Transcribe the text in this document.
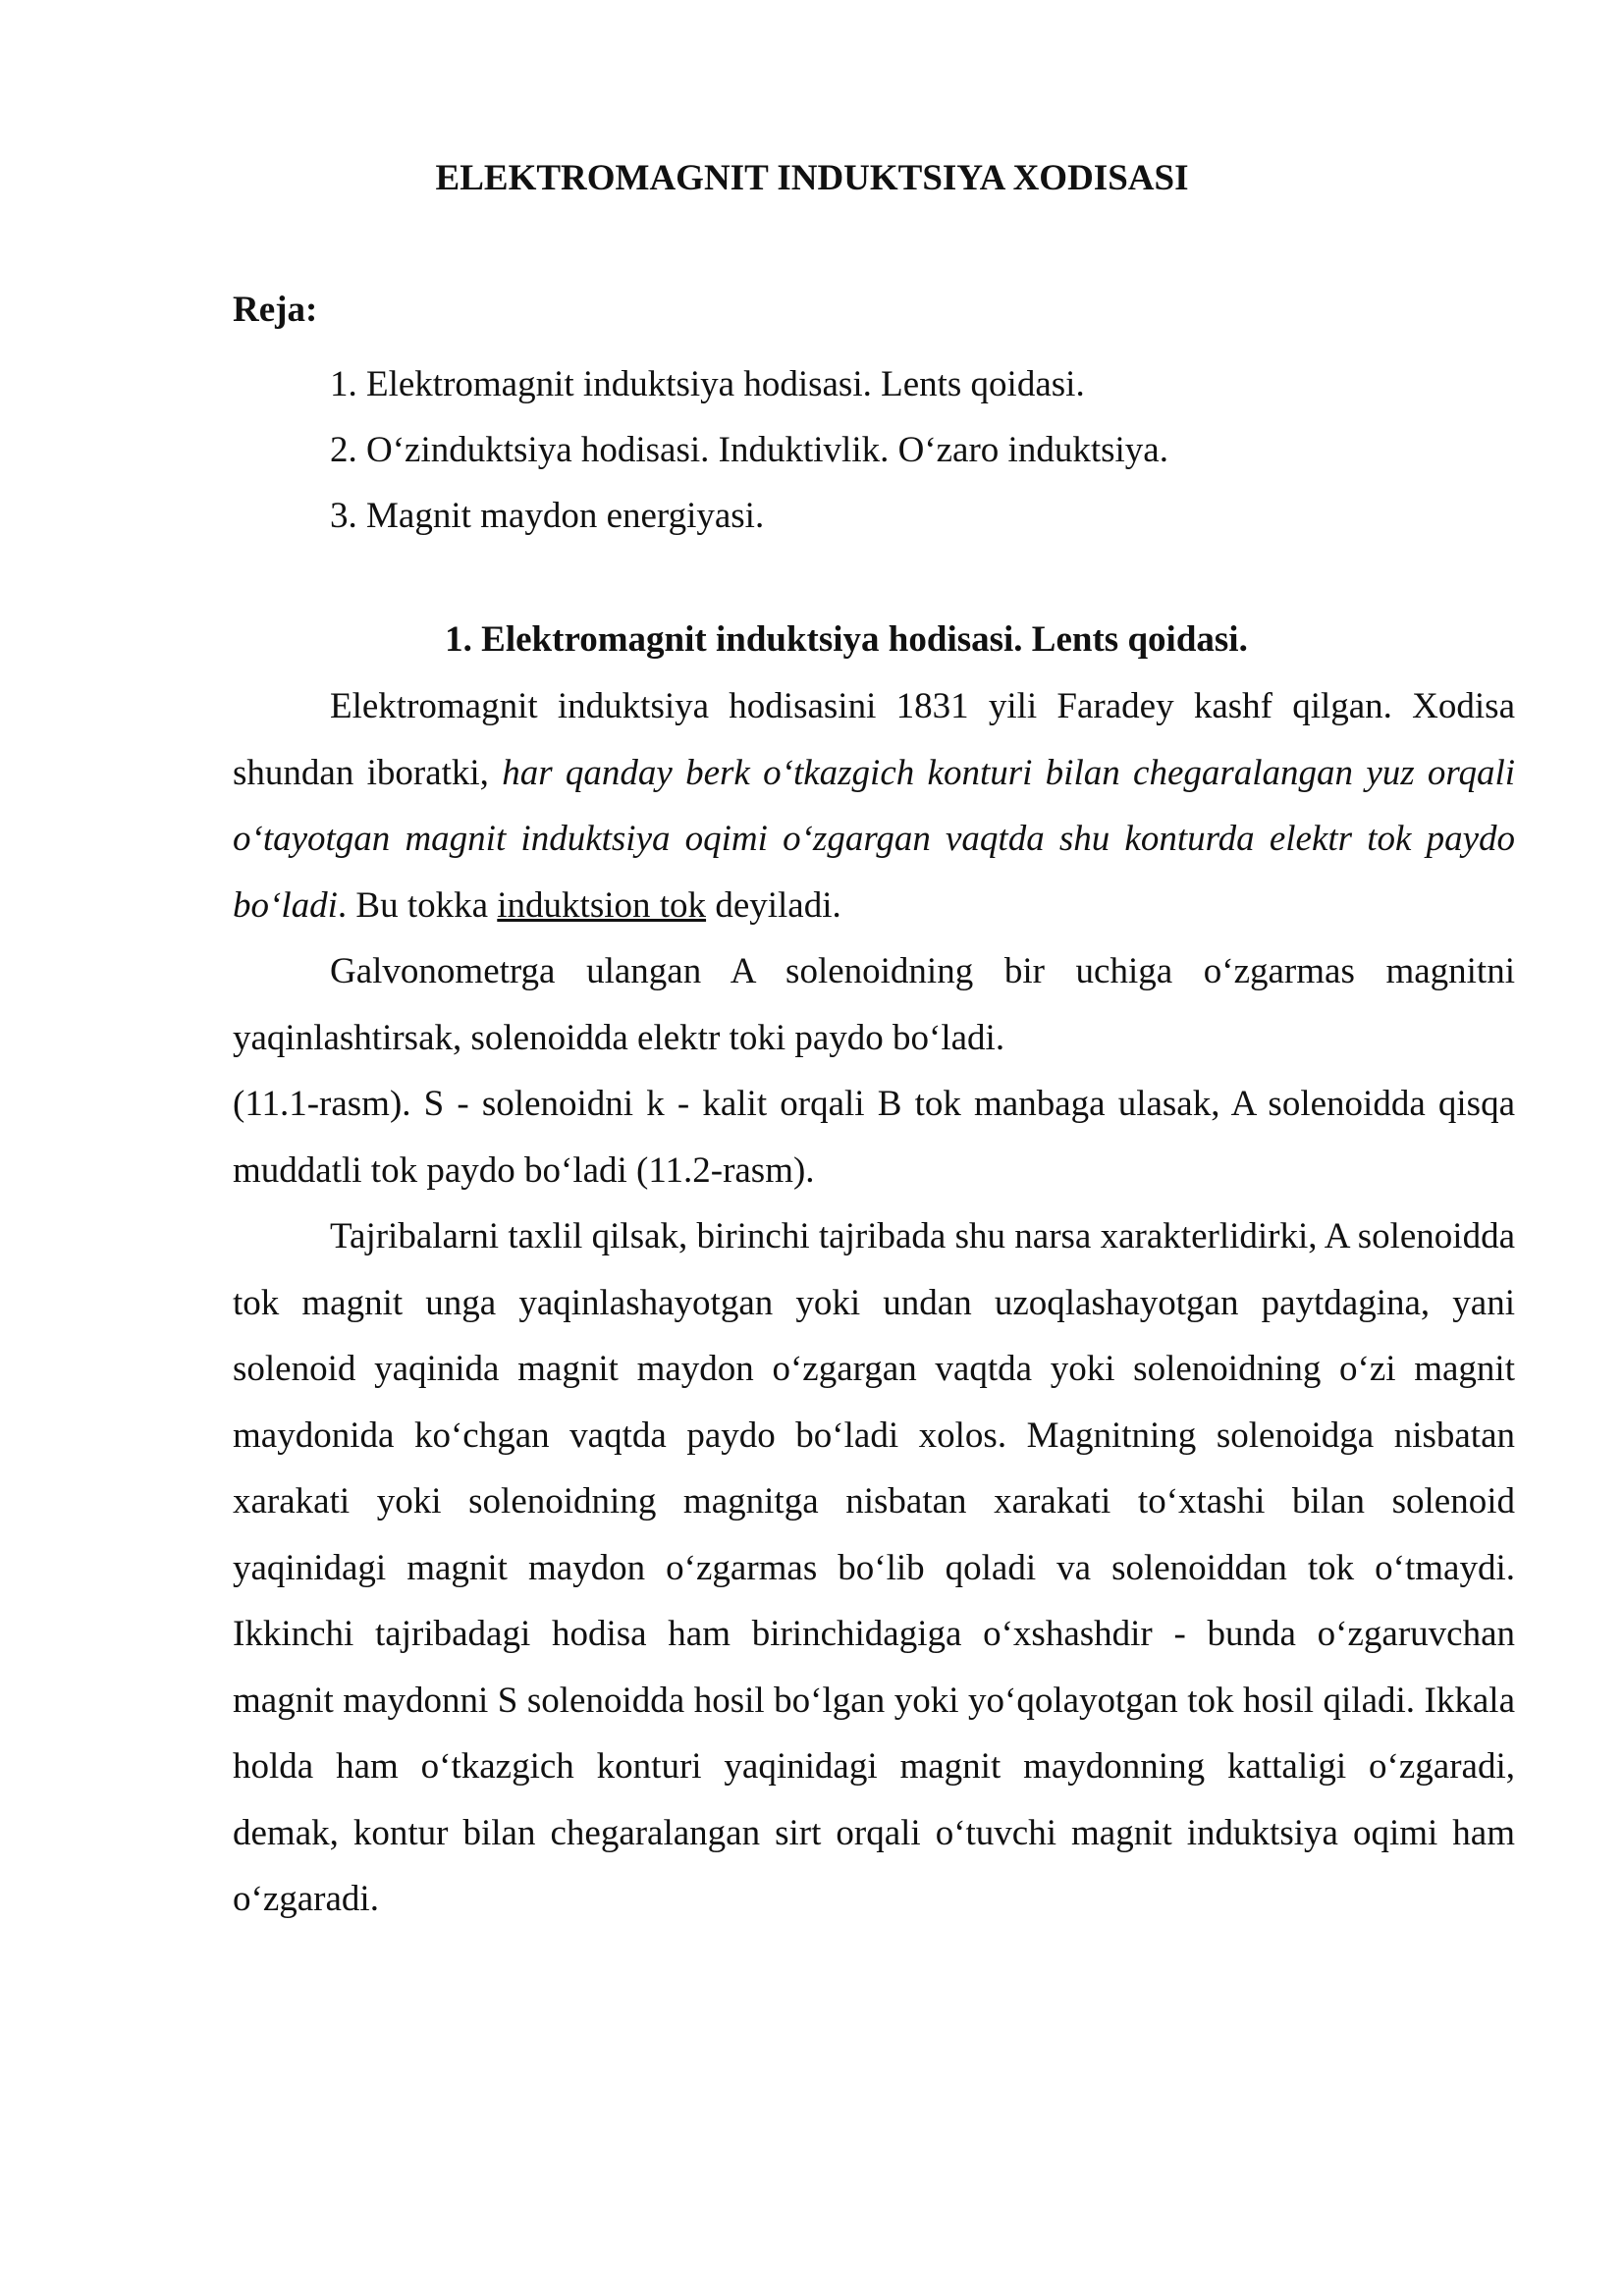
ELEKTROMAGNIT INDUKTSIYA XODISASI
Reja:
1. Elektromagnit induktsiya hodisasi. Lents qoidasi.
2. O‘zinduktsiya hodisasi. Induktivlik. O‘zaro induktsiya.
3. Magnit maydon energiyasi.
1. Elektromagnit induktsiya hodisasi. Lents qoidasi.

Elektromagnit induktsiya hodisasini 1831 yili Faradey kashf qilgan. Xodisa shundan iboratki, har qanday berk o‘tkazgich konturi bilan chegaralangan yuz orqali o‘tayotgan magnit induktsiya oqimi o‘zgargan vaqtda shu konturda elektr tok paydo bo‘ladi. Bu tokka induktsion tok deyiladi.

Galvonometrga ulangan A solenoidning bir uchiga o‘zgarmas magnitni yaqinlashtirsak, solenoidda elektr toki paydo bo‘ladi.

(11.1-rasm). S - solenoidni k - kalit orqali B tok manbaga ulasak, A solenoidda qisqa muddatli tok paydo bo‘ladi (11.2-rasm).

Tajribalarni taxlil qilsak, birinchi tajribada shu narsa xarakterlidirki, A solenoidda tok magnit unga yaqinlashayotgan yoki undan uzoqlashayotgan paytdagina, yani solenoid yaqinida magnit maydon o‘zgargan vaqtda yoki solenoidning o‘zi magnit maydonida ko‘chgan vaqtda paydo bo‘ladi xolos. Magnitning solenoidga nisbatan xarakati yoki solenoidning magnitga nisbatan xarakati to‘xtashi bilan solenoid yaqinidagi magnit maydon o‘zgarmas bo‘lib qoladi va solenoiddan tok o‘tmaydi. Ikkinchi tajribadagi hodisa ham birinchidagiga o‘xshashdir - bunda o‘zgaruvchan magnit maydonni S solenoidda hosil bo‘lgan yoki yo‘qolayotgan tok hosil qiladi. Ikkala holda ham o‘tkazgich konturi yaqinidagi magnit maydonning kattaligi o‘zgaradi, demak, kontur bilan chegaralangan sirt orqali o‘tuvchi magnit induktsiya oqimi ham o‘zgaradi.
